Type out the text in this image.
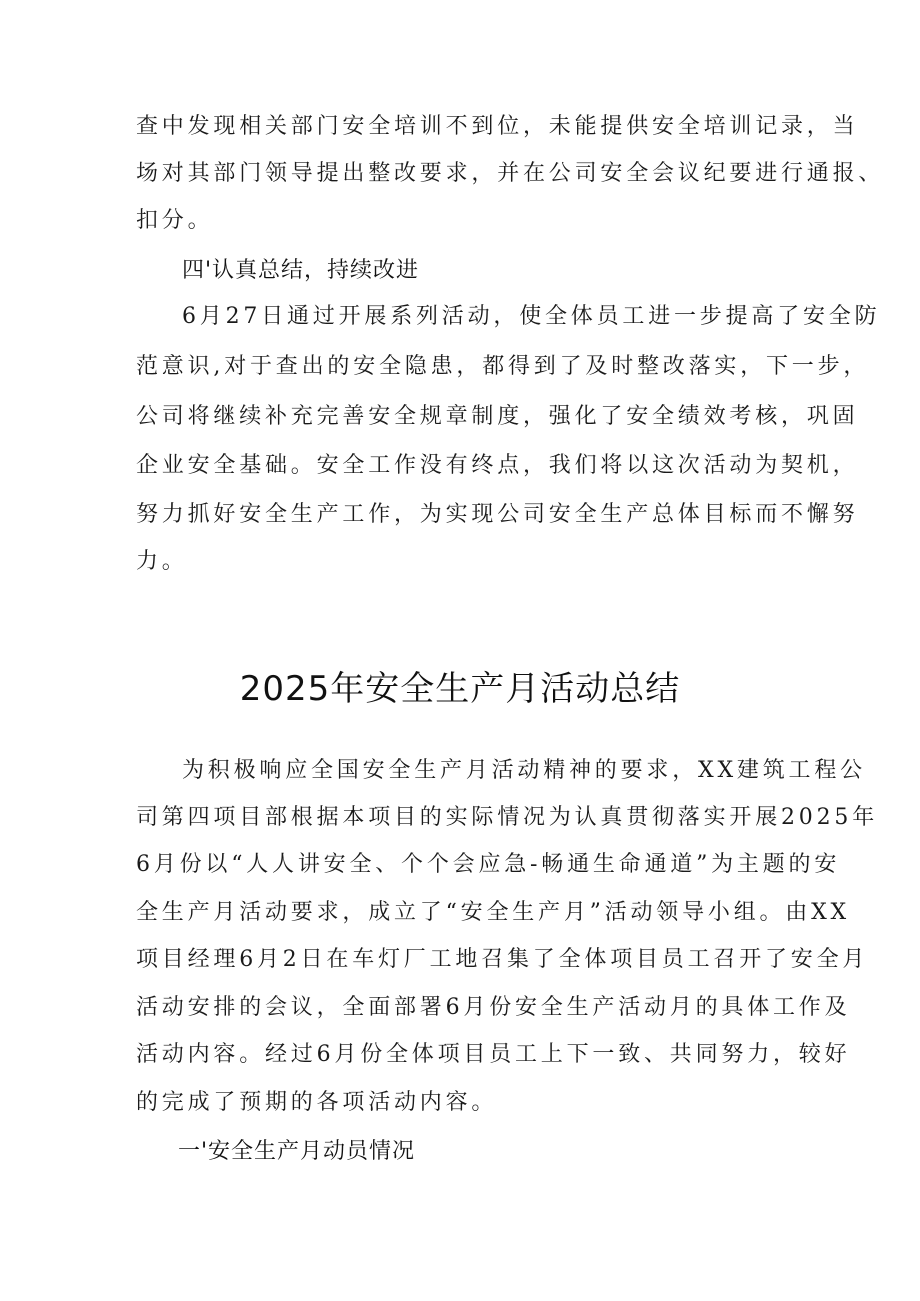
查中发现相关部门安全培训不到位，未能提供安全培训记录，当
场对其部门领导提出整改要求，并在公司安全会议纪要进行通报、
扣分。
四'认真总结，持续改进
6月27日通过开展系列活动，使全体员工进一步提高了安全防
范意识,对于查出的安全隐患，都得到了及时整改落实，下一步，
公司将继续补充完善安全规章制度，强化了安全绩效考核，巩固
企业安全基础。安全工作没有终点，我们将以这次活动为契机，
努力抓好安全生产工作，为实现公司安全生产总体目标而不懈努
力。
2025年安全生产月活动总结
为积极响应全国安全生产月活动精神的要求，XX建筑工程公
司第四项目部根据本项目的实际情况为认真贯彻落实开展2025年
6月份以“人人讲安全、个个会应急-畅通生命通道”为主题的安
全生产月活动要求，成立了“安全生产月”活动领导小组。由XX
项目经理6月2日在车灯厂工地召集了全体项目员工召开了安全月
活动安排的会议，全面部署6月份安全生产活动月的具体工作及
活动内容。经过6月份全体项目员工上下一致、共同努力，较好
的完成了预期的各项活动内容。
一'安全生产月动员情况
